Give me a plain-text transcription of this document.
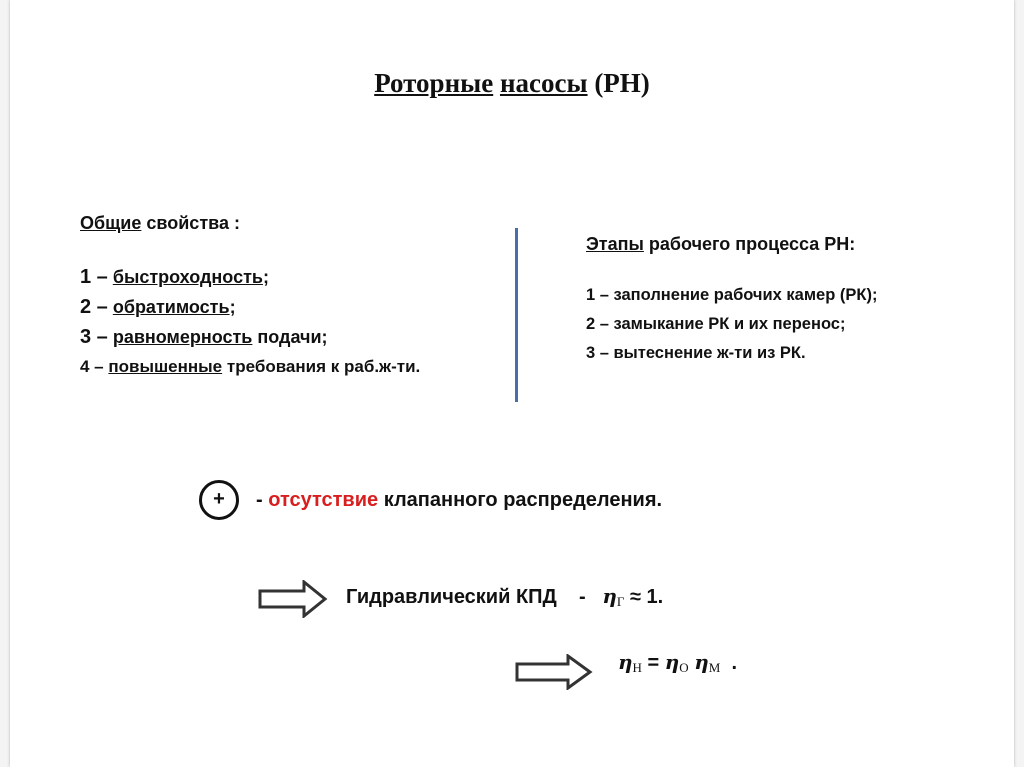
Роторные насосы (РН)
Общие свойства :
1 – быстроходность;
2 – обратимость;
3 – равномерность подачи;
4 – повышенные требования к раб.ж-ти.
Этапы рабочего процесса РН:
1 – заполнение рабочих камер (РК);
2 – замыкание РК и их перенос;
3 – вытеснение ж-ти из РК.
+	- отсутствие клапанного распределения.
Гидравлический КПД - $\eta_Г \approx 1$.
$\eta_Н = \eta_О$ $\eta_М$ .
